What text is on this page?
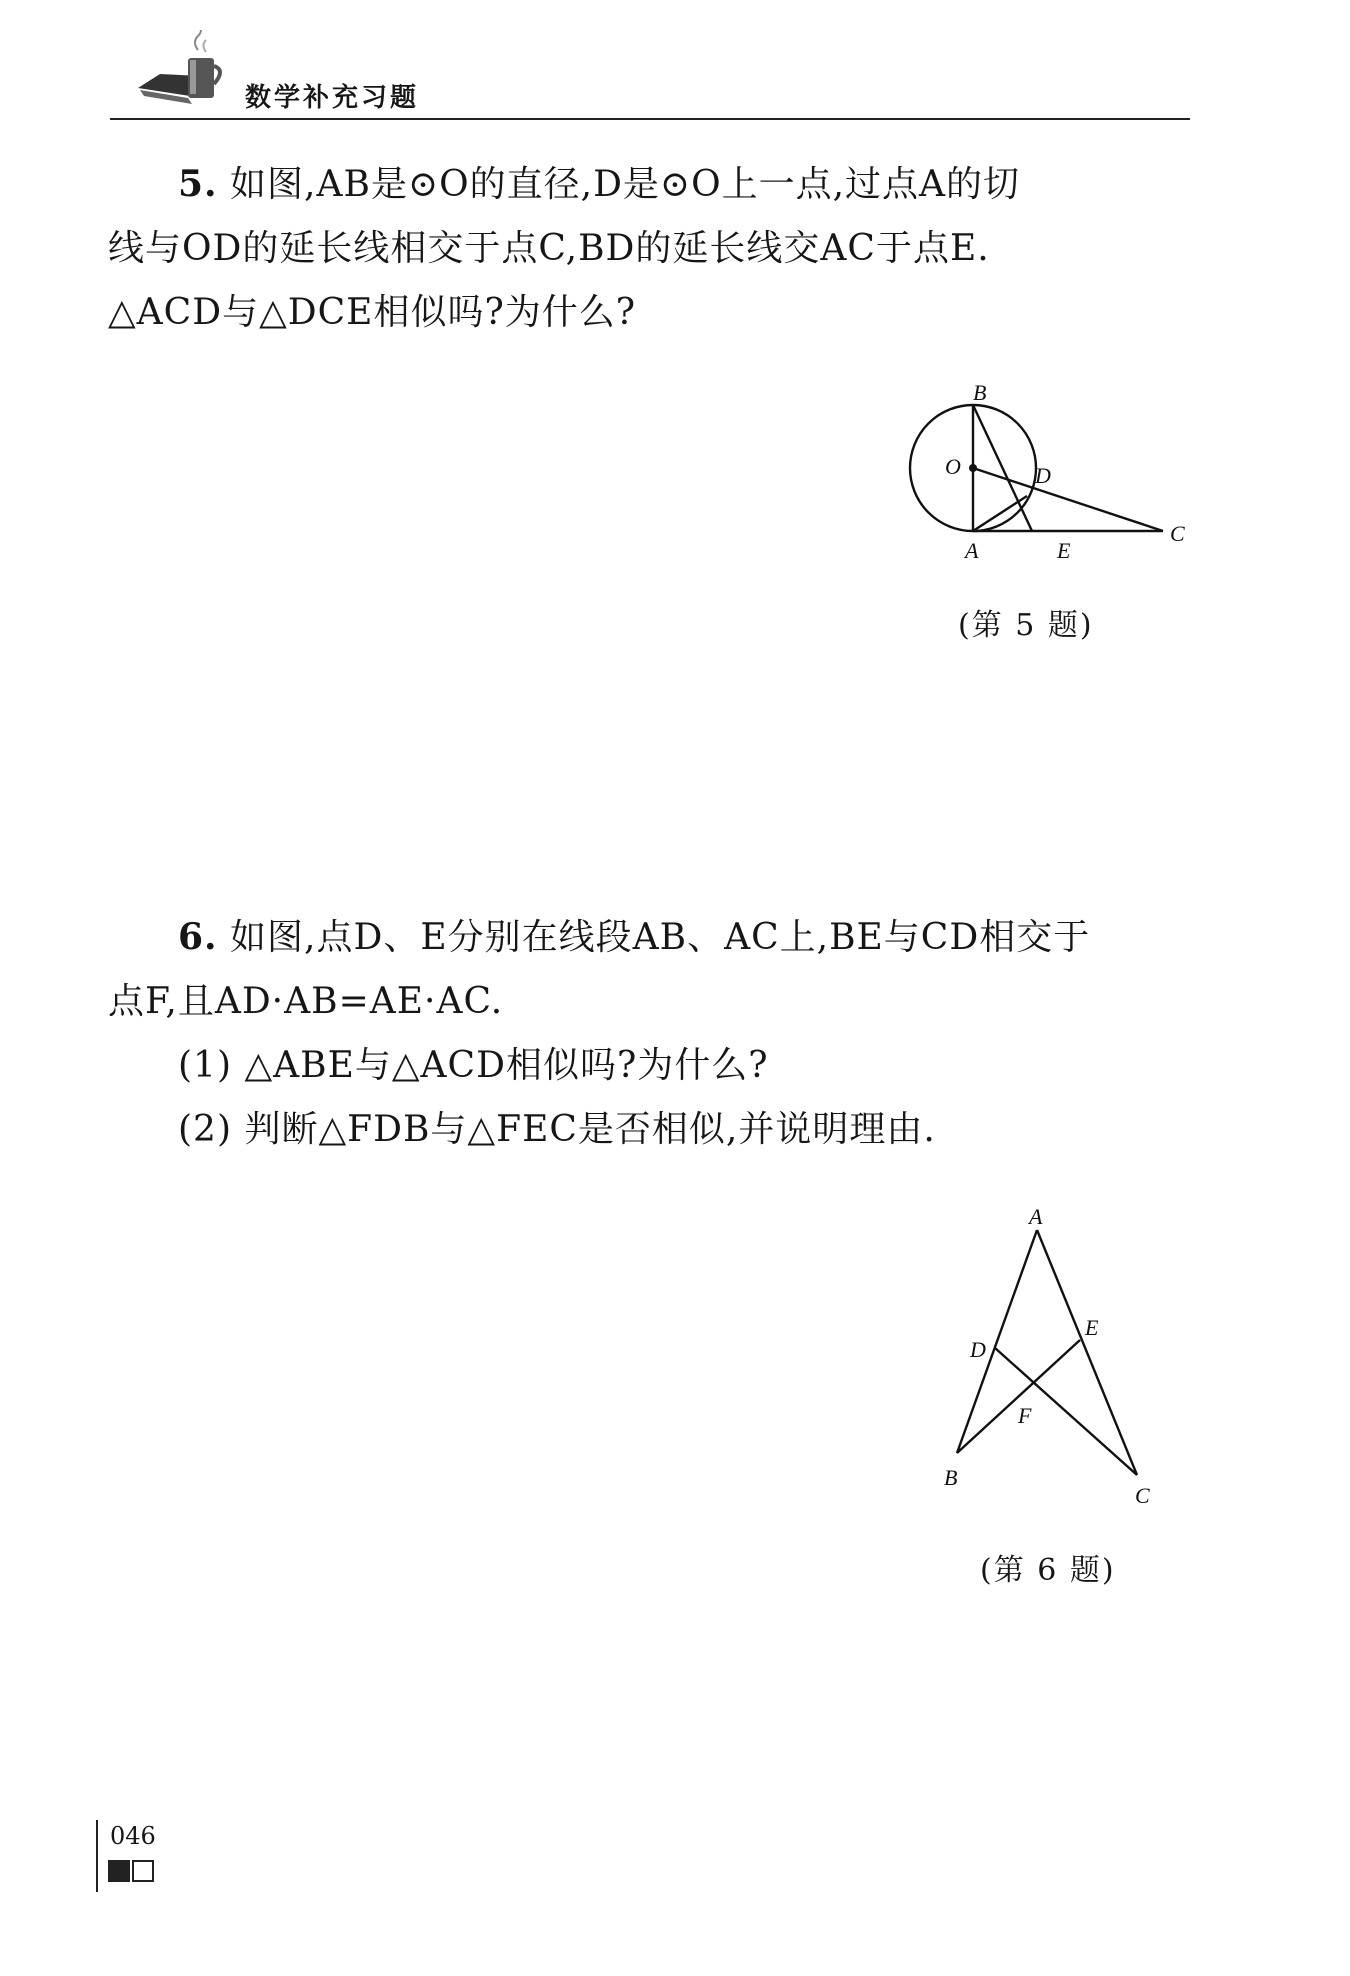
数学补充习题

5. 如图,AB是⊙O的直径,D是⊙O上一点,过点A的切

线与OD的延长线相交于点C,BD的延长线交AC于点E.

△ACD与△DCE相似吗?为什么?

B
O	D
A	E
C
(第 5 题)

6. 如图,点D、E分别在线段AB、AC上,BE与CD相交于

点F,且AD·AB=AE·AC.

(1) △ABE与△ACD相似吗?为什么?

(2) 判断△FDB与△FEC是否相似,并说明理由.

A
D
E
F
B
C
(第 6 题)
046
